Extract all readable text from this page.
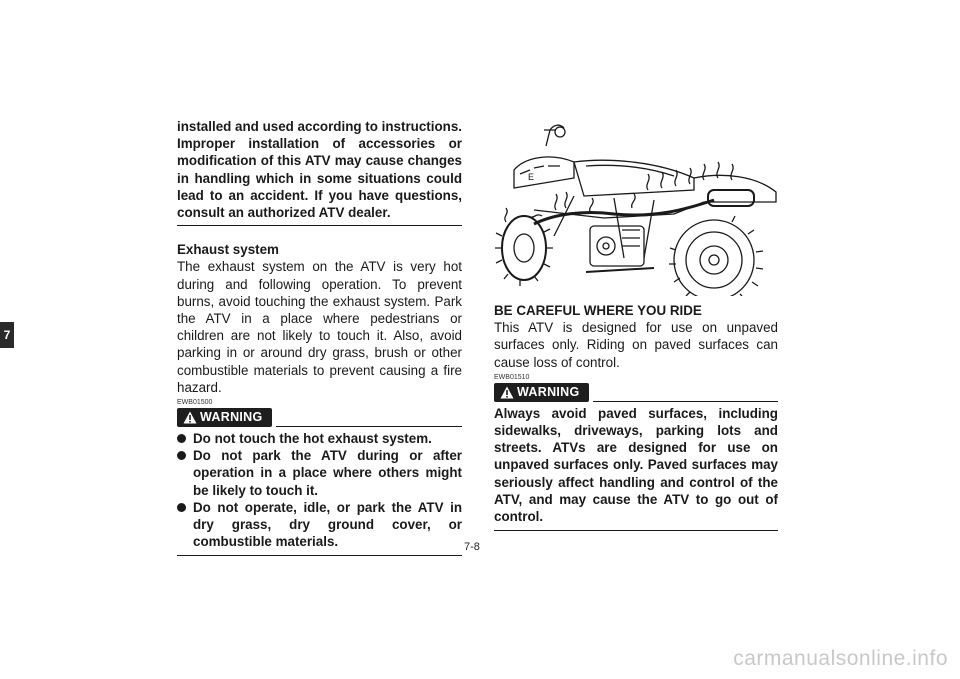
7

installed and used according to instructions. Improper installation of accessories or modification of this ATV may cause changes in handling which in some situations could lead to an accident. If you have questions, consult an authorized ATV dealer.

Exhaust system

The exhaust system on the ATV is very hot during and following operation. To prevent burns, avoid touching the exhaust system. Park the ATV in a place where pedestrians or children are not likely to touch it. Also, avoid parking in or around dry grass, brush or other combustible materials to prevent causing a fire hazard.

EWB01500
WARNING
Do not touch the hot exhaust system.
Do not park the ATV during or after operation in a place where others might be likely to touch it.
Do not operate, idle, or park the ATV in dry grass, dry ground cover, or combustible materials.
E

BE CAREFUL WHERE YOU RIDE

This ATV is designed for use on unpaved surfaces only. Riding on paved surfaces can cause loss of control.

EWB01510
WARNING

Always avoid paved surfaces, including sidewalks, driveways, parking lots and streets. ATVs are designed for use on unpaved surfaces only. Paved surfaces may seriously affect handling and control of the ATV, and may cause the ATV to go out of control.

7-8
carmanualsonline.info
